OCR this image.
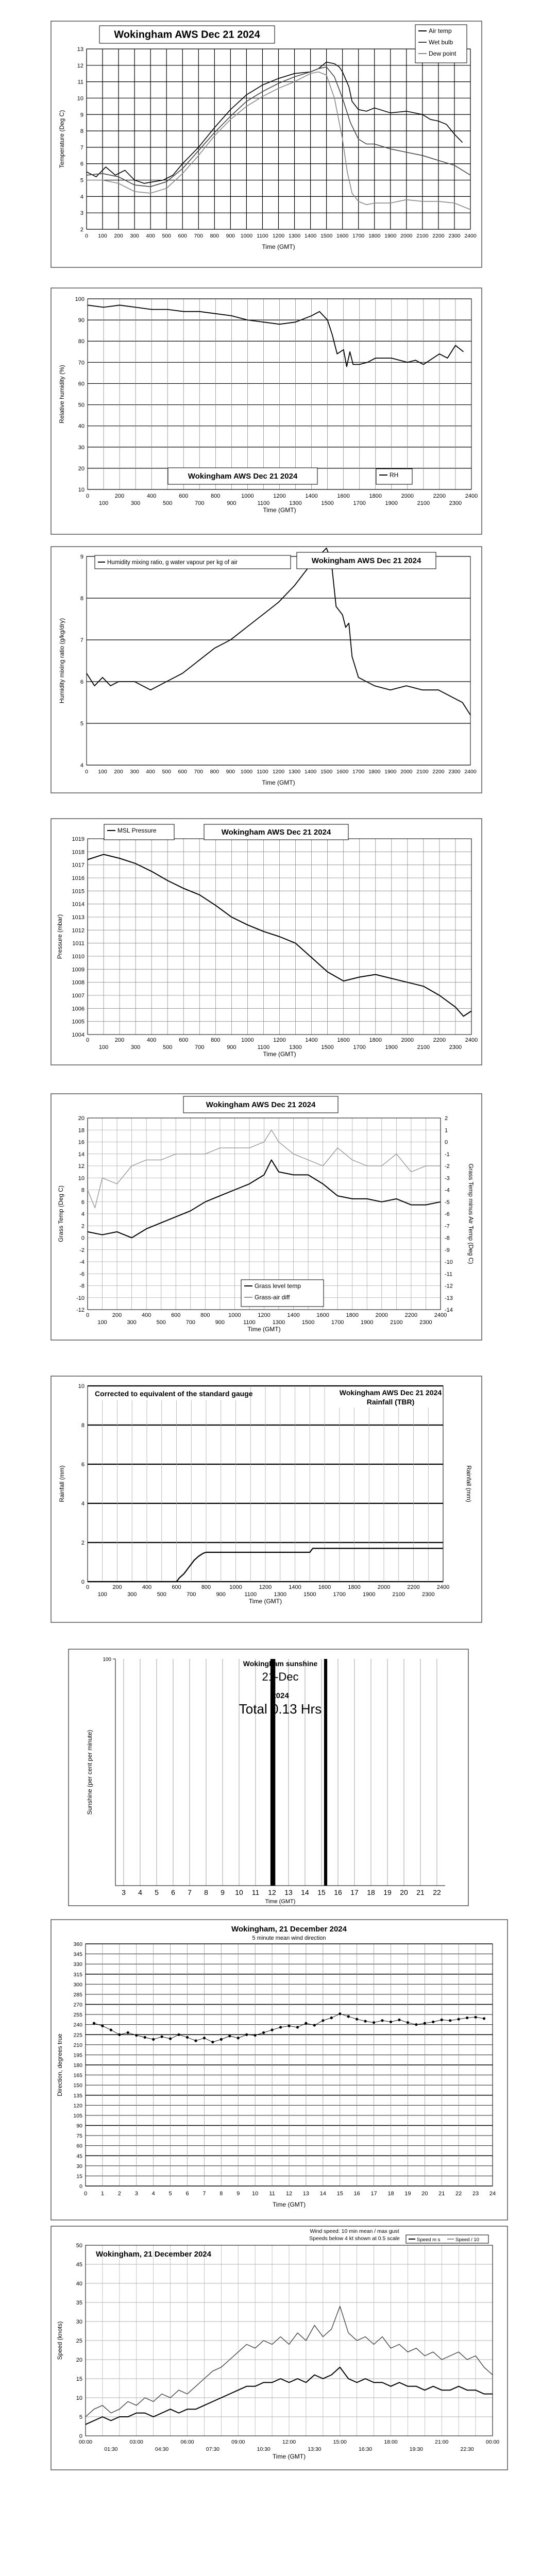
2
3
4
5
6
7
8
9
10
11
12
13
0 100 200 300 400 500 600 700 800 900 1000 1100 1200 1300 1400 1500 1600 1700 1800 1900 2000 2100 2200 2300 2400
Time (GMT)
Temperature (Deg C)
Wokingham AWS Dec 21 2024	Air temp
Wet bulb
Dew point
10
20
30
40
50
60
70
80
90
100
0	200	400	600	800	1000	1200	1400	1600	1800	2000	2200	2400
100	300	500	700	900	1100	1300	1500	1700	1900	2100	2300
Time (GMT)
Relative humidity (%)
Wokingham AWS Dec 21 2024	RH
4
5
6
7
8
9
0 100 200 300 400 500 600 700 800 900 1000 1100 1200 1300 1400 1500 1600 1700 1800 1900 2000 2100 2200 2300 2400
Time (GMT)
Humidity mixing ratio (g/kg/dry)
Humidity mixing ratio, g water vapour per kg of air	Wokingham AWS Dec 21 2024
1004
1005
1006
1007
1008
1009
1010
1011
1012
1013
1014
1015
1016
1017
1018
1019
0	200	400	600	800	1000	1200	1400	1600	1800	2000	2200	2400
100	300	500	700	900	1100	1300	1500	1700	1900	2100	2300
Time (GMT)
Pressure (mbar)
MSL Pressure	Wokingham AWS Dec 21 2024
-12
-10
-8
-6
-4
-2
0
2
4
6
8
10
12
14
16
18
20
-14
-13
-12
-11
-10
-9
-8
-7
-6
-5
-4
-3
-2
-1
0
1
2
0	200	400	600	800	1000	1200	1400	1600	1800	2000	2200	2400
100	300	500	700	900	1100	1300	1500	1700	1900	2100	2300
Time (GMT)
Grass Temp (Deg C)	Grass Temp minus Air Temp (Deg C)
Wokingham AWS Dec 21 2024
Grass level temp
Grass-air diff
0
2
4
6
8
10
0	200	400	600	800	1000	1200	1400	1600	1800	2000	2200	2400
100	300	500	700	900	1100	1300	1500	1700	1900	2100	2300
Time (GMT)
Rainfall (mm)	Rainfall (mm)
Corrected to equivalent of the standard gauge	Wokingham AWS Dec 21 2024
Rainfall (TBR)
100
3 4 5 6 7 8 9 10 11 12 13 14 15 16 17 18 19 20 21 22
Time (GMT)
Sunshine (per cent per minute)
Wokingham sunshine
21-Dec
2024
Total 0.13 Hrs
0
15
30
45
60
75
90
105
120
135
150
165
180
195
210
225
240
255
270
285
300
315
330
345
360
0 1 2 3 4 5 6 7 8 9 10 11 12 13 14 15 16 17 18 19 20 21 22 23 24
Time (GMT)
Direction, degrees true
Wokingham, 21 December 2024
5 minute mean wind direction
0
5
10
15
20
25
30
35
40
45
50
00:00	03:00	06:00	09:00	12:00	15:00	18:00	21:00	00:00
01:30	04:30	07:30	10:30	13:30	16:30	19:30	22:30
Time (GMT)
Speed (knots)
Wokingham, 21 December 2024
Wind speed: 10 min mean / max gust
Speeds below 4 kt shown at 0.5 scale	Speed m s	Speed / 10
